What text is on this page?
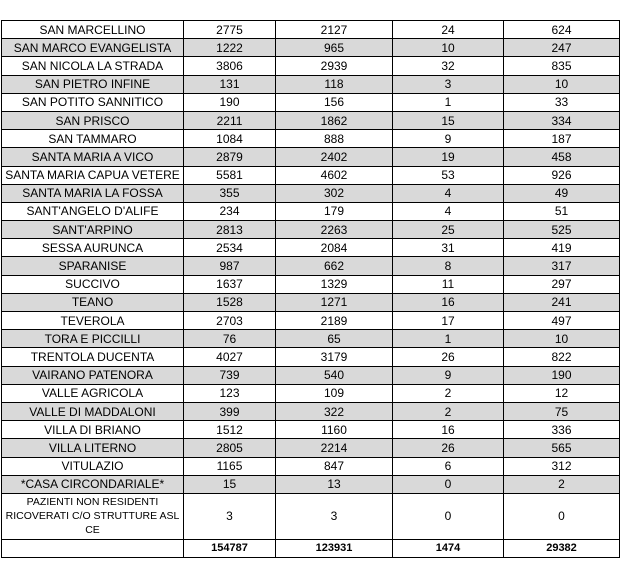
SAN MARCELLINO	2775	2127	24	624
SAN MARCO EVANGELISTA	1222	965	10	247
SAN NICOLA LA STRADA	3806	2939	32	835
SAN PIETRO INFINE	131	118	3	10
SAN POTITO SANNITICO	190	156	1	33
SAN PRISCO	2211	1862	15	334
SAN TAMMARO	1084	888	9	187
SANTA MARIA A VICO	2879	2402	19	458
SANTA MARIA CAPUA VETERE	5581	4602	53	926
SANTA MARIA LA FOSSA	355	302	4	49
SANT'ANGELO D'ALIFE	234	179	4	51
SANT'ARPINO	2813	2263	25	525
SESSA AURUNCA	2534	2084	31	419
SPARANISE	987	662	8	317
SUCCIVO	1637	1329	11	297
TEANO	1528	1271	16	241
TEVEROLA	2703	2189	17	497
TORA E PICCILLI	76	65	1	10
TRENTOLA DUCENTA	4027	3179	26	822
VAIRANO PATENORA	739	540	9	190
VALLE AGRICOLA	123	109	2	12
VALLE DI MADDALONI	399	322	2	75
VILLA DI BRIANO	1512	1160	16	336
VILLA LITERNO	2805	2214	26	565
VITULAZIO	1165	847	6	312
*CASA CIRCONDARIALE*	15	13	0	2
PAZIENTI NON RESIDENTI RICOVERATI C/O STRUTTURE ASL CE	3	3	0	0
	154787	123931	1474	29382
